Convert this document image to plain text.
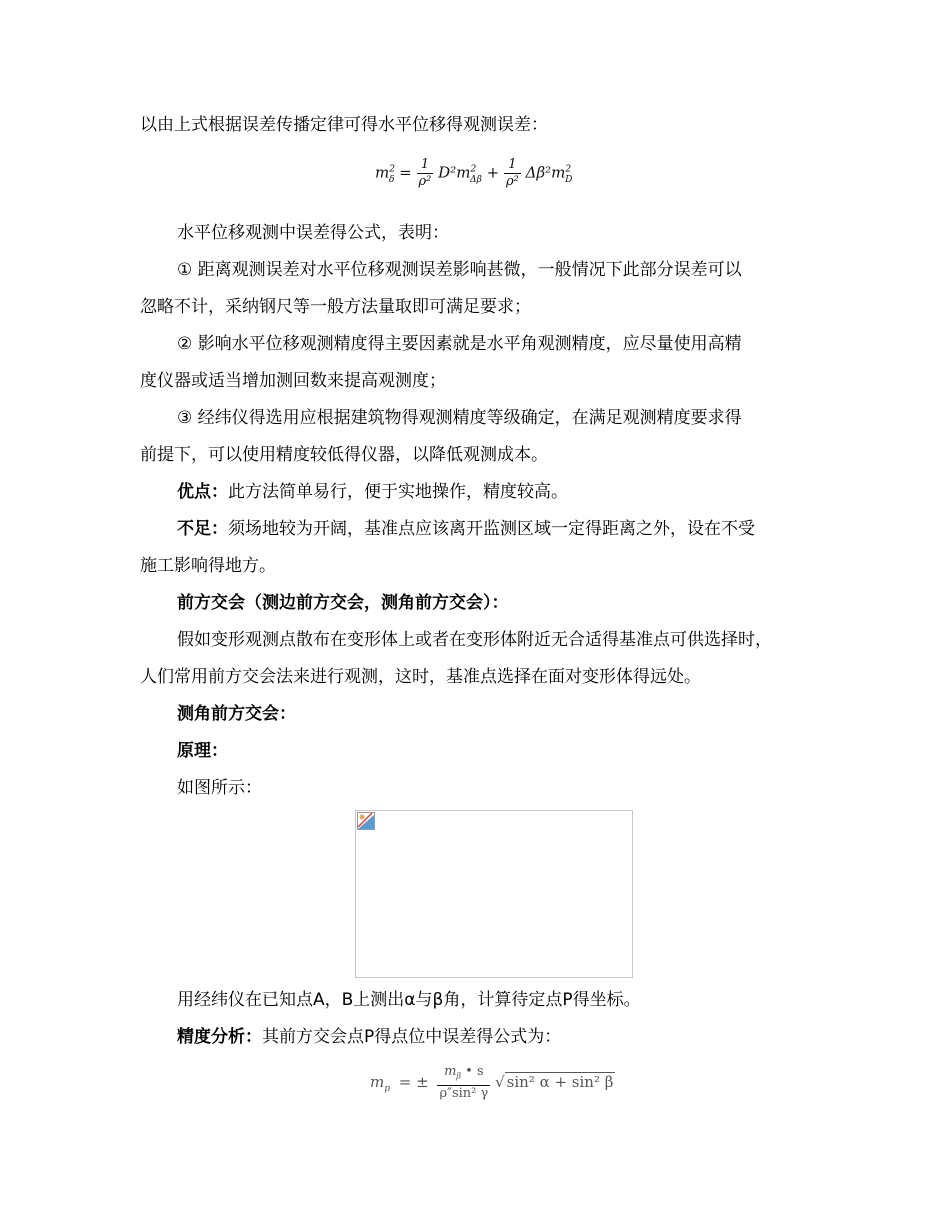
以由上式根据误差传播定律可得水平位移得观测误差：
$m^2_\delta = \frac{1}{\text{ρ²}} D^2m^2_{\Delta\beta} + \frac{1}{\text{ρ²}} \Delta\beta^2m^2_D$
水平位移观测中误差得公式，表明：
① 距离观测误差对水平位移观测误差影响甚微，一般情况下此部分误差可以
忽略不计，采纳钢尺等一般方法量取即可满足要求；
② 影响水平位移观测精度得主要因素就是水平角观测精度，应尽量使用高精
度仪器或适当增加测回数来提高观测度；
③ 经纬仪得选用应根据建筑物得观测精度等级确定，在满足观测精度要求得
前提下，可以使用精度较低得仪器，以降低观测成本。
优点：此方法简单易行，便于实地操作，精度较高。
不足：须场地较为开阔，基准点应该离开监测区域一定得距离之外，设在不受
施工影响得地方。
前方交会（测边前方交会，测角前方交会）：
假如变形观测点散布在变形体上或者在变形体附近无合适得基准点可供选择时，
人们常用前方交会法来进行观测，这时，基准点选择在面对变形体得远处。
测角前方交会：
原理：
如图所示：
用经纬仪在已知点A，B上测出α与β角，计算待定点P得坐标。
精度分析：其前方交会点P得点位中误差得公式为：
$m_p$ = ± $\frac{m_\beta • s}{\text{ρ″sin² γ}}$ √ sin² α + sin² β
